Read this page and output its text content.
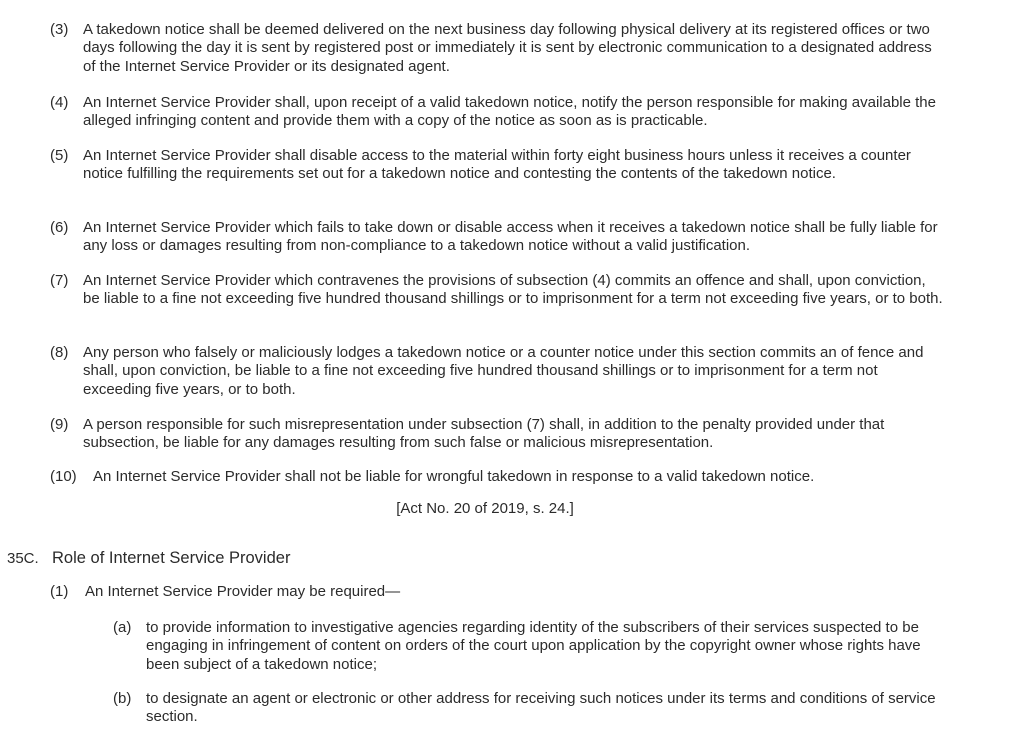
(3) A takedown notice shall be deemed delivered on the next business day following physical delivery at its registered offices or two days following the day it is sent by registered post or immediately it is sent by electronic communication to a designated address of the Internet Service Provider or its designated agent.
(4) An Internet Service Provider shall, upon receipt of a valid takedown notice, notify the person responsible for making available the alleged infringing content and provide them with a copy of the notice as soon as is practicable.
(5) An Internet Service Provider shall disable access to the material within forty eight business hours unless it receives a counter notice fulfilling the requirements set out for a takedown notice and contesting the contents of the takedown notice.
(6) An Internet Service Provider which fails to take down or disable access when it receives a takedown notice shall be fully liable for any loss or damages resulting from non-compliance to a takedown notice without a valid justification.
(7) An Internet Service Provider which contravenes the provisions of subsection (4) commits an offence and shall, upon conviction, be liable to a fine not exceeding five hundred thousand shillings or to imprisonment for a term not exceeding five years, or to both.
(8) Any person who falsely or maliciously lodges a takedown notice or a counter notice under this section commits an of fence and shall, upon conviction, be liable to a fine not exceeding five hundred thousand shillings or to imprisonment for a term not exceeding five years, or to both.
(9) A person responsible for such misrepresentation under subsection (7) shall, in addition to the penalty provided under that subsection, be liable for any damages resulting from such false or malicious misrepresentation.
(10) An Internet Service Provider shall not be liable for wrongful takedown in response to a valid takedown notice.
[Act No. 20 of 2019, s. 24.]
35C. Role of Internet Service Provider
(1) An Internet Service Provider may be required—
(a) to provide information to investigative agencies regarding identity of the subscribers of their services suspected to be engaging in infringement of content on orders of the court upon application by the copyright owner whose rights have been subject of a takedown notice;
(b) to designate an agent or electronic or other address for receiving such notices under its terms and conditions of service section.
